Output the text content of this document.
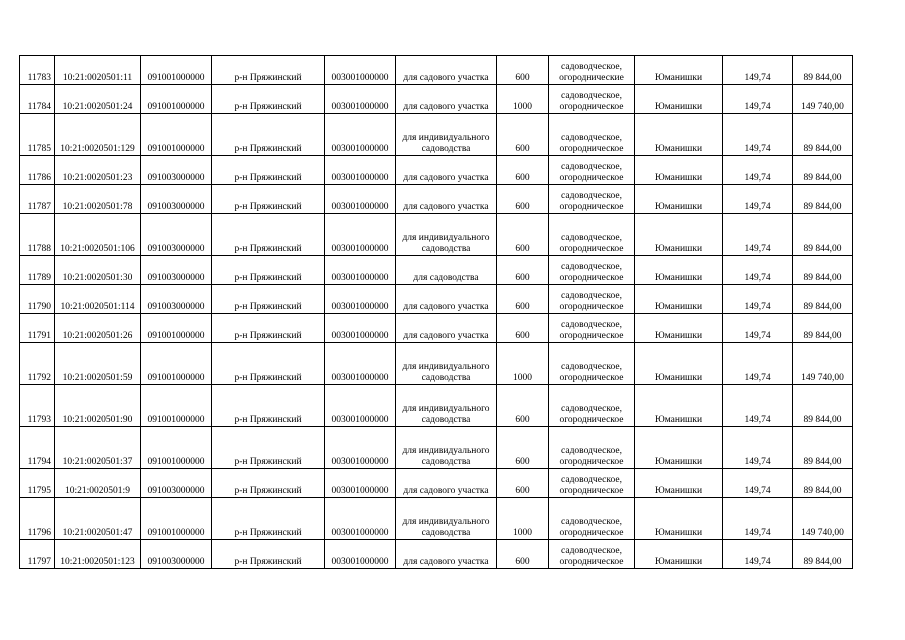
11783	10:21:0020501:11	091001000000	р-н Пряжинский	003001000000	для садового участка	600	садоводческое, огороднические	Юманишки	149,74	89 844,00
11784	10:21:0020501:24	091001000000	р-н Пряжинский	003001000000	для садового участка	1000	садоводческое, огородническое	Юманишки	149,74	149 740,00
11785	10:21:0020501:129	091001000000	р-н Пряжинский	003001000000	для индивидуального садоводства	600	садоводческое, огородническое	Юманишки	149,74	89 844,00
11786	10:21:0020501:23	091003000000	р-н Пряжинский	003001000000	для садового участка	600	садоводческое, огородническое	Юманишки	149,74	89 844,00
11787	10:21:0020501:78	091003000000	р-н Пряжинский	003001000000	для садового участка	600	садоводческое, огородническое	Юманишки	149,74	89 844,00
11788	10:21:0020501:106	091003000000	р-н Пряжинский	003001000000	для индивидуального садоводства	600	садоводческое, огородническое	Юманишки	149,74	89 844,00
11789	10:21:0020501:30	091003000000	р-н Пряжинский	003001000000	для садоводства	600	садоводческое, огородническое	Юманишки	149,74	89 844,00
11790	10:21:0020501:114	091003000000	р-н Пряжинский	003001000000	для садового участка	600	садоводческое, огородническое	Юманишки	149,74	89 844,00
11791	10:21:0020501:26	091001000000	р-н Пряжинский	003001000000	для садового участка	600	садоводческое, огородническое	Юманишки	149,74	89 844,00
11792	10:21:0020501:59	091001000000	р-н Пряжинский	003001000000	для индивидуального садоводства	1000	садоводческое, огородническое	Юманишки	149,74	149 740,00
11793	10:21:0020501:90	091001000000	р-н Пряжинский	003001000000	для индивидуального садоводства	600	садоводческое, огородническое	Юманишки	149,74	89 844,00
11794	10:21:0020501:37	091001000000	р-н Пряжинский	003001000000	для индивидуального садоводства	600	садоводческое, огородническое	Юманишки	149,74	89 844,00
11795	10:21:0020501:9	091003000000	р-н Пряжинский	003001000000	для садового участка	600	садоводческое, огородническое	Юманишки	149,74	89 844,00
11796	10:21:0020501:47	091001000000	р-н Пряжинский	003001000000	для индивидуального садоводства	1000	садоводческое, огородническое	Юманишки	149,74	149 740,00
11797	10:21:0020501:123	091003000000	р-н Пряжинский	003001000000	для садового участка	600	садоводческое, огородническое	Юманишки	149,74	89 844,00
